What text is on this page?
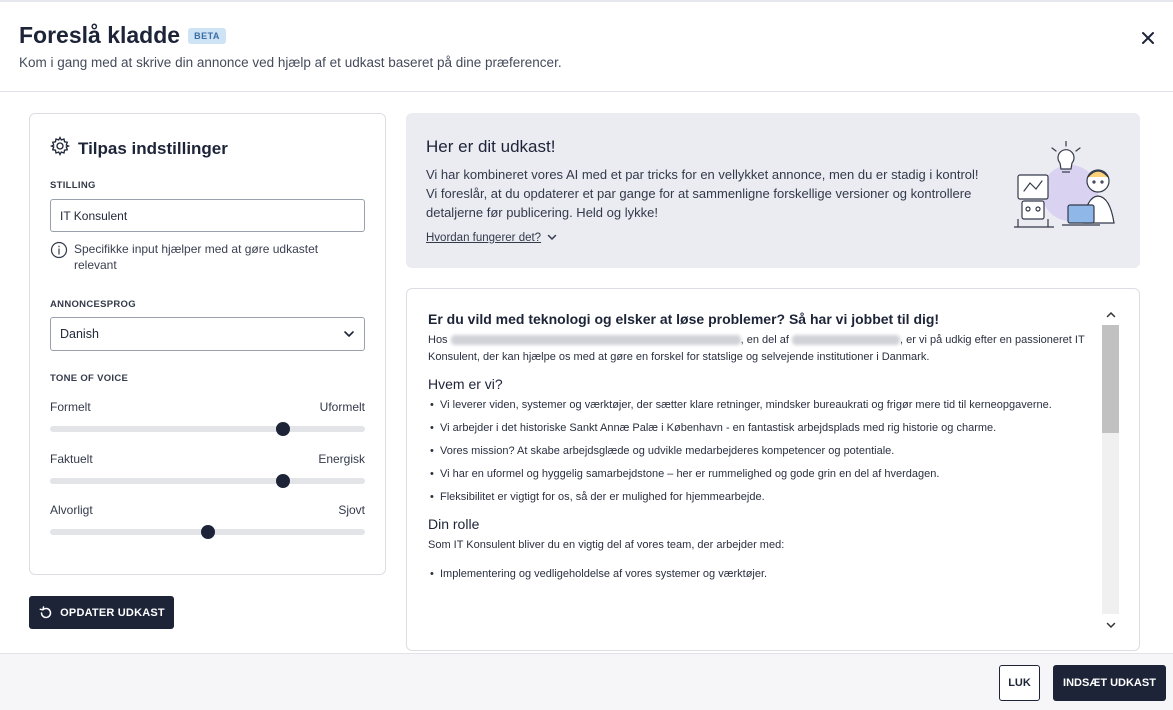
Foreslå kladde	BETA
Kom i gang med at skrive din annonce ved hjælp af et udkast baseret på dine præferencer.
Tilpas indstillinger
STILLING
IT Konsulent
Specifikke input hjælper med at gøre udkastet relevant
ANNONCESPROG
Danish
TONE OF VOICE
Formelt	Uformelt
Faktuelt	Energisk
Alvorligt	Sjovt
OPDATER UDKAST
Her er dit udkast!
Vi har kombineret vores AI med et par tricks for en vellykket annonce, men du er stadig i kontrol! Vi foreslår, at du opdaterer et par gange for at sammenligne forskellige versioner og kontrollere detaljerne før publicering. Held og lykke!
Hvordan fungerer det?
Er du vild med teknologi og elsker at løse problemer? Så har vi jobbet til dig!
Hos	, en del af	, er vi på udkig efter en passioneret IT Konsulent, der kan hjælpe os med at gøre en forskel for statslige og selvejende institutioner i Danmark.
Hvem er vi?
• Vi leverer viden, systemer og værktøjer, der sætter klare retninger, mindsker bureaukrati og frigør mere tid til kerneopgaverne.
• Vi arbejder i det historiske Sankt Annæ Palæ i København - en fantastisk arbejdsplads med rig historie og charme.
• Vores mission? At skabe arbejdsglæde og udvikle medarbejderes kompetencer og potentiale.
• Vi har en uformel og hyggelig samarbejdstone – her er rummelighed og gode grin en del af hverdagen.
• Fleksibilitet er vigtigt for os, så der er mulighed for hjemmearbejde.
Din rolle
Som IT Konsulent bliver du en vigtig del af vores team, der arbejder med:
• Implementering og vedligeholdelse af vores systemer og værktøjer.
LUK	INDSÆT UDKAST
